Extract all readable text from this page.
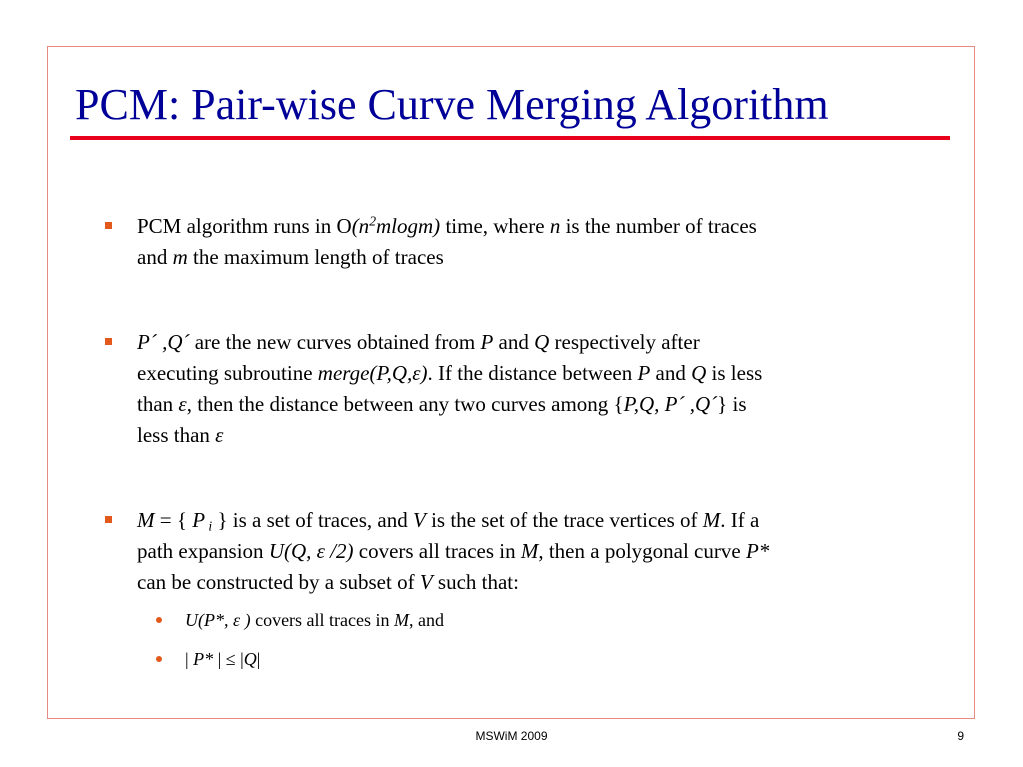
PCM: Pair-wise Curve Merging Algorithm
PCM algorithm runs in $O(n^2mlogm)$ time, where n is the number of traces
and m the maximum length of traces
P´ ,Q´ are the new curves obtained from P and Q respectively after
executing subroutine merge(P,Q,ε). If the distance between P and Q is less
than ε, then the distance between any two curves among {P,Q, P´ ,Q´} is
less than ε
M = { P $_i$ } is a set of traces, and V is the set of the trace vertices of M. If a
path expansion U(Q, ε /2) covers all traces in M, then a polygonal curve P*
can be constructed by a subset of V such that:
U(P*, ε ) covers all traces in M, and
| P* | ≤ |Q|
MSWiM 2009	9
